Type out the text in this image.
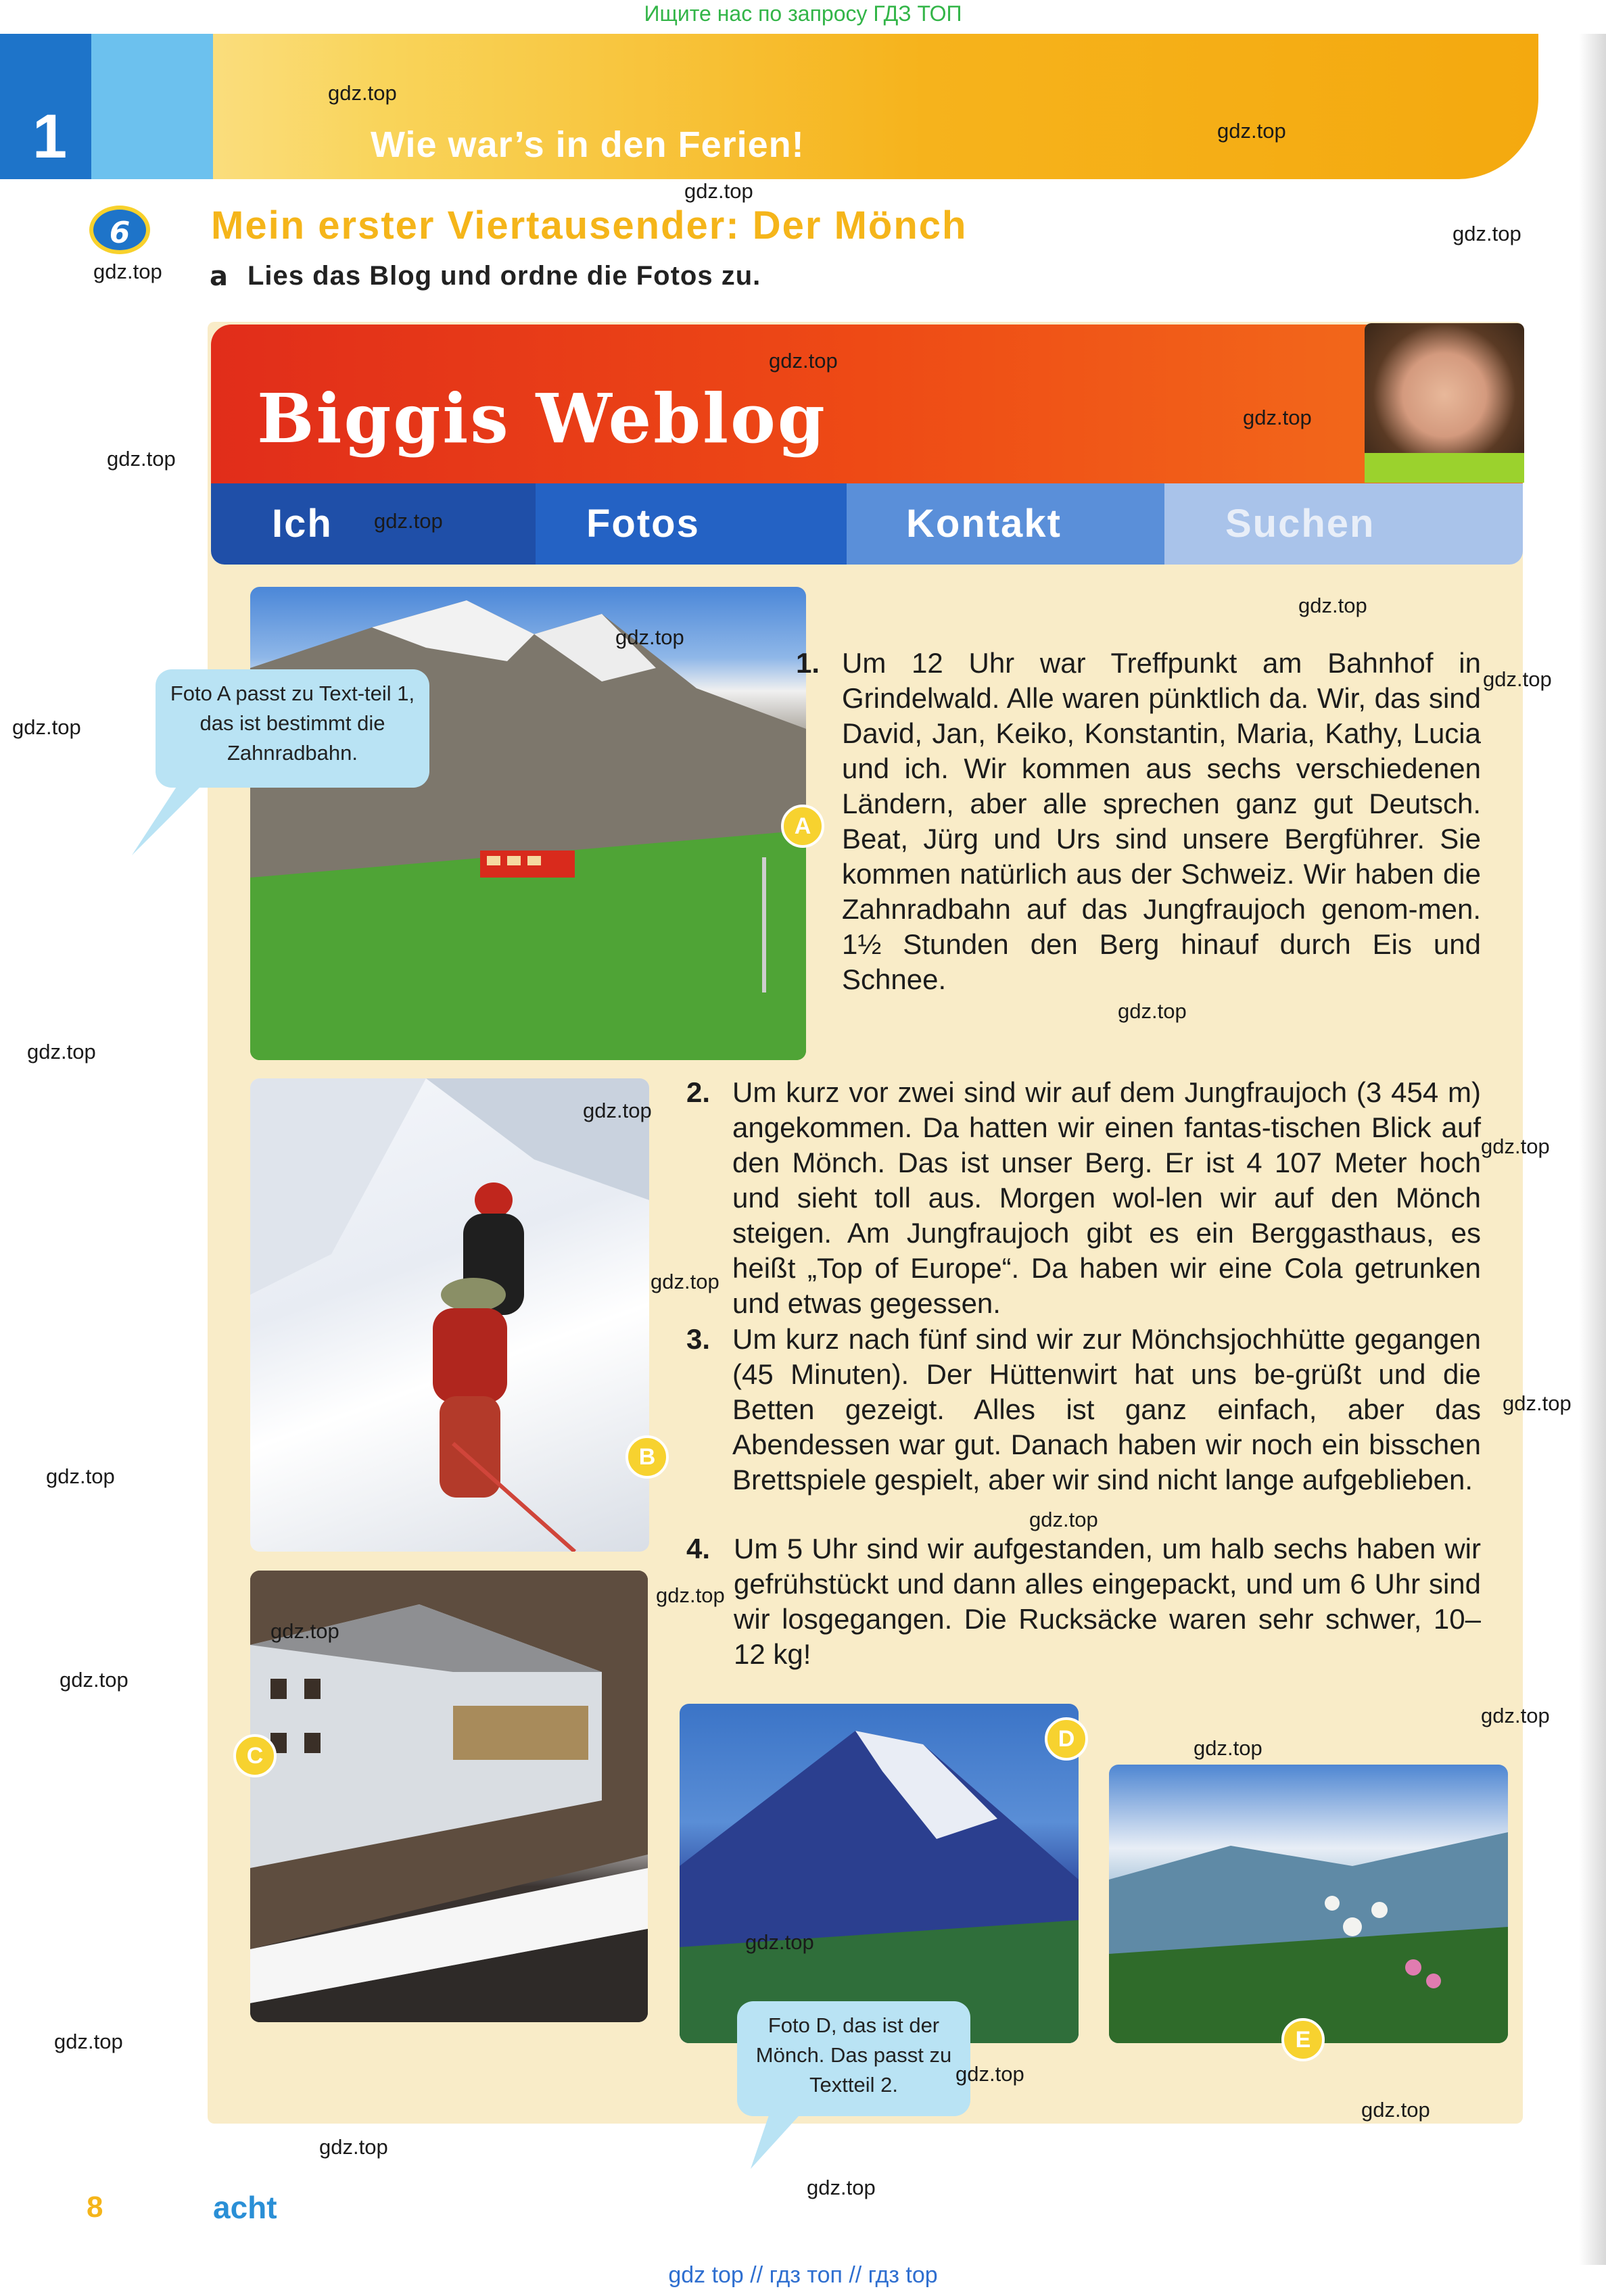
Ищите нас по запросу ГДЗ ТОП
1	Wie war’s in den Ferien!
6	Mein erster Viertausender: Der Mönch
a Lies das Blog und ordne die Fotos zu.
Biggis Weblog
Ich	Fotos	Kontakt	Suchen
A
Foto A passt zu Text-teil 1, das ist bestimmt die Zahnradbahn.
1. Um 12 Uhr war Treffpunkt am Bahnhof in Grindelwald. Alle waren pünktlich da. Wir, das sind David, Jan, Keiko, Konstantin, Maria, Kathy, Lucia und ich. Wir kommen aus sechs verschiedenen Ländern, aber alle sprechen ganz gut Deutsch. Beat, Jürg und Urs sind unsere Bergführer. Sie kommen natürlich aus der Schweiz. Wir haben die Zahnradbahn auf das Jungfraujoch genom-men. 1½ Stunden den Berg hinauf durch Eis und Schnee.
B
2. Um kurz vor zwei sind wir auf dem Jungfraujoch (3 454 m) angekommen. Da hatten wir einen fantas-tischen Blick auf den Mönch. Das ist unser Berg. Er ist 4 107 Meter hoch und sieht toll aus. Morgen wol-len wir auf den Mönch steigen. Am Jungfraujoch gibt es ein Berggasthaus, es heißt „Top of Europe“. Da haben wir eine Cola getrunken und etwas gegessen.
3. Um kurz nach fünf sind wir zur Mönchsjochhütte gegangen (45 Minuten). Der Hüttenwirt hat uns be-grüßt und die Betten gezeigt. Alles ist ganz einfach, aber das Abendessen war gut. Danach haben wir noch ein bisschen Brettspiele gespielt, aber wir sind nicht lange aufgeblieben.
4. Um 5 Uhr sind wir aufgestanden, um halb sechs haben wir gefrühstückt und dann alles eingepackt, und um 6 Uhr sind wir losgegangen. Die Rucksäcke waren sehr schwer, 10–12 kg!
C
D
Foto D, das ist der Mönch. Das passt zu Textteil 2.
E
8	acht
gdz top // гдз топ // гдз top
gdz.top
gdz.top
gdz.top
gdz.top
gdz.top
gdz.top
gdz.top
gdz.top
gdz.top
gdz.top
gdz.top
gdz.top
gdz.top
gdz.top
gdz.top
gdz.top
gdz.top
gdz.top
gdz.top
gdz.top
gdz.top
gdz.top
gdz.top
gdz.top
gdz.top
gdz.top
gdz.top
gdz.top
gdz.top
gdz.top
gdz.top
gdz.top
